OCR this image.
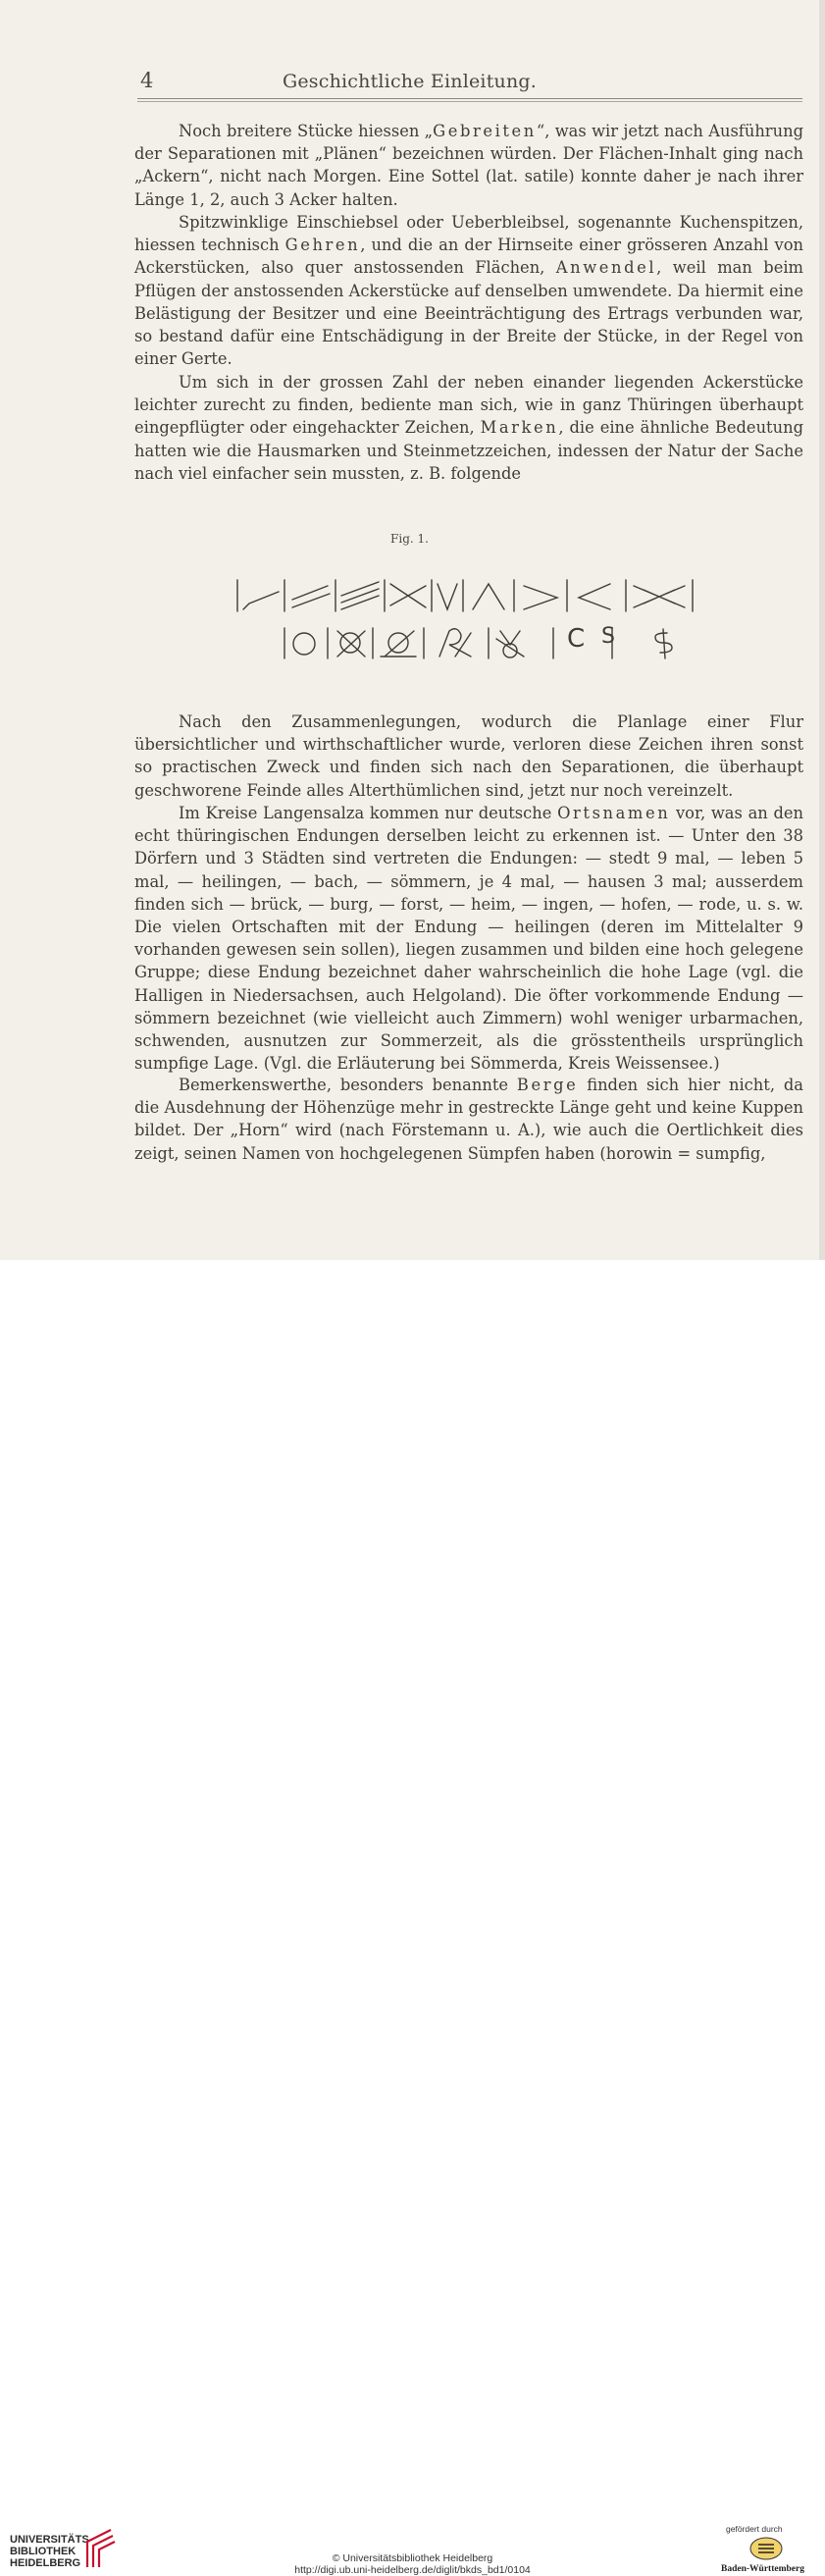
4	Geschichtliche Einleitung.

Noch breitere Stücke hiessen „Gebreiten“, was wir jetzt nach Ausführung der Separationen mit „Plänen“ bezeichnen würden. Der Flächen-Inhalt ging nach „Ackern“, nicht nach Morgen. Eine Sottel (lat. satile) konnte daher je nach ihrer Länge 1, 2, auch 3 Acker halten.

Spitzwinklige Einschiebsel oder Ueberbleibsel, sogenannte Kuchenspitzen, hiessen technisch Gehren, und die an der Hirnseite einer grösseren Anzahl von Ackerstücken, also quer anstossenden Flächen, Anwendel, weil man beim Pflügen der anstossenden Ackerstücke auf denselben umwendete. Da hiermit eine Belästigung der Besitzer und eine Beeinträchtigung des Ertrags verbunden war, so bestand dafür eine Entschädigung in der Breite der Stücke, in der Regel von einer Gerte.

Um sich in der grossen Zahl der neben einander liegenden Ackerstücke leichter zurecht zu finden, bediente man sich, wie in ganz Thüringen überhaupt eingepflügter oder eingehackter Zeichen, Marken, die eine ähnliche Bedeutung hatten wie die Hausmarken und Steinmetzzeichen, indessen der Natur der Sache nach viel einfacher sein mussten, z. B. folgende

Fig. 1.
C S

Nach den Zusammenlegungen, wodurch die Planlage einer Flur übersichtlicher und wirthschaftlicher wurde, verloren diese Zeichen ihren sonst so practischen Zweck und finden sich nach den Separationen, die überhaupt geschworene Feinde alles Alterthümlichen sind, jetzt nur noch vereinzelt.

Im Kreise Langensalza kommen nur deutsche Ortsnamen vor, was an den echt thüringischen Endungen derselben leicht zu erkennen ist. — Unter den 38 Dörfern und 3 Städten sind vertreten die Endungen: — stedt 9 mal, — leben 5 mal, — heilingen, — bach, — sömmern, je 4 mal, — hausen 3 mal; ausserdem finden sich — brück, — burg, — forst, — heim, — ingen, — hofen, — rode, u. s. w. Die vielen Ortschaften mit der Endung — heilingen (deren im Mittelalter 9 vorhanden gewesen sein sollen), liegen zusammen und bilden eine hoch gelegene Gruppe; diese Endung bezeichnet daher wahrscheinlich die hohe Lage (vgl. die Halligen in Niedersachsen, auch Helgoland). Die öfter vorkommende Endung — sömmern bezeichnet (wie vielleicht auch Zimmern) wohl weniger urbarmachen, schwenden, ausnutzen zur Sommerzeit, als die grösstentheils ursprünglich sumpfige Lage. (Vgl. die Erläuterung bei Sömmerda, Kreis Weissensee.)

Bemerkenswerthe, besonders benannte Berge finden sich hier nicht, da die Ausdehnung der Höhenzüge mehr in gestreckte Länge geht und keine Kuppen bildet. Der „Horn“ wird (nach Förstemann u. A.), wie auch die Oertlichkeit dies zeigt, seinen Namen von hochgelegenen Sümpfen haben (horowin = sumpfig,

UNIVERSITÄTS-
BIBLIOTHEK
HEIDELBERG	© Universitätsbibliothek Heidelberg
http://digi.ub.uni-heidelberg.de/diglit/bkds_bd1/0104
gefördert durch
Baden-Württemberg
